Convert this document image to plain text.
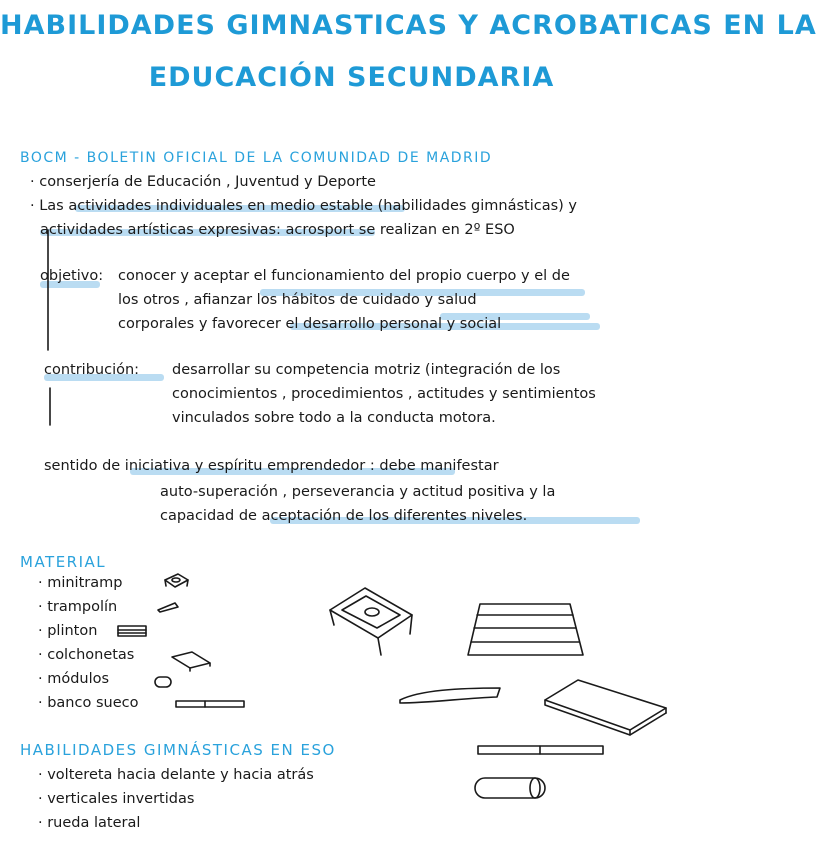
HABILIDADES GIMNASTICAS Y ACROBATICAS EN LA
EDUCACIÓN SECUNDARIA
BOCM - BOLETIN OFICIAL DE LA COMUNIDAD DE MADRID
· conserjería de Educación , Juventud y Deporte
· Las actividades individuales en medio estable (habilidades gimnásticas) y
actividades artísticas expresivas: acrosport se realizan en 2º ESO
objetivo: conocer y aceptar el funcionamiento del propio cuerpo y el de
los otros , afianzar los hábitos de cuidado y salud
corporales y favorecer el desarrollo personal y social
contribución: desarrollar su competencia motriz (integración de los
conocimientos , procedimientos , actitudes y sentimientos
vinculados sobre todo a la conducta motora.
sentido de iniciativa y espíritu emprendedor : debe manifestar
auto-superación , perseverancia y actitud positiva y la
capacidad de aceptación de los diferentes niveles.
MATERIAL
· minitramp
· trampolín
· plinton
· colchonetas
· módulos
· banco sueco
HABILIDADES GIMNÁSTICAS EN ESO
· voltereta hacia delante y hacia atrás
· verticales invertidas
· rueda lateral
